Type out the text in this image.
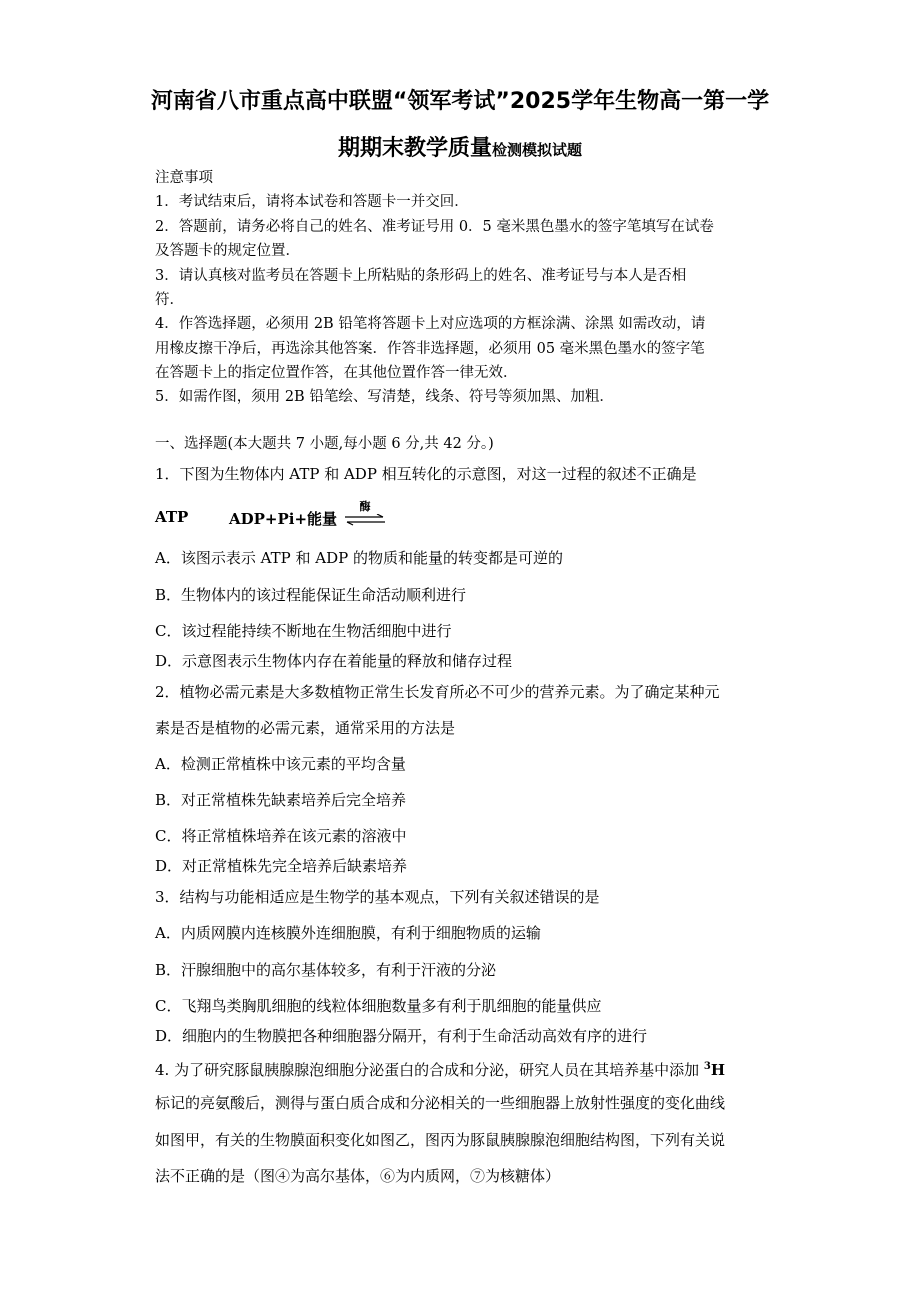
河南省八市重点高中联盟“领军考试”2025学年生物高一第一学
期期末教学质量检测模拟试题
注意事项
1．考试结束后，请将本试卷和答题卡一并交回．
2．答题前，请务必将自己的姓名、准考证号用 0．5 毫米黑色墨水的签字笔填写在试卷
及答题卡的规定位置．
3．请认真核对监考员在答题卡上所粘贴的条形码上的姓名、准考证号与本人是否相
符．
4．作答选择题，必须用 2B 铅笔将答题卡上对应选项的方框涂满、涂黑 如需改动，请
用橡皮擦干净后，再选涂其他答案．作答非选择题，必须用 05 毫米黑色墨水的签字笔
在答题卡上的指定位置作答，在其他位置作答一律无效．
5．如需作图，须用 2B 铅笔绘、写清楚，线条、符号等须加黑、加粗．
一、选择题(本大题共 7 小题,每小题 6 分,共 42 分。)
1．下图为生物体内 ATP 和 ADP 相互转化的示意图，对这一过程的叙述不正确是
ATP
酶
ADP+Pi+能量
A．该图示表示 ATP 和 ADP 的物质和能量的转变都是可逆的
B．生物体内的该过程能保证生命活动顺利进行
C．该过程能持续不断地在生物活细胞中进行
D．示意图表示生物体内存在着能量的释放和储存过程
2．植物必需元素是大多数植物正常生长发育所必不可少的营养元素。为了确定某种元
素是否是植物的必需元素，通常采用的方法是
A．检测正常植株中该元素的平均含量
B．对正常植株先缺素培养后完全培养
C．将正常植株培养在该元素的溶液中
D．对正常植株先完全培养后缺素培养
3．结构与功能相适应是生物学的基本观点，下列有关叙述错误的是
A．内质网膜内连核膜外连细胞膜，有利于细胞物质的运输
B．汗腺细胞中的高尔基体较多，有利于汗液的分泌
C．飞翔鸟类胸肌细胞的线粒体细胞数量多有利于肌细胞的能量供应
D．细胞内的生物膜把各种细胞器分隔开，有利于生命活动高效有序的进行
4. 为了研究豚鼠胰腺腺泡细胞分泌蛋白的合成和分泌，研究人员在其培养基中添加 $^3$H
标记的亮氨酸后，测得与蛋白质合成和分泌相关的一些细胞器上放射性强度的变化曲线
如图甲，有关的生物膜面积变化如图乙，图丙为豚鼠胰腺腺泡细胞结构图，下列有关说
法不正确的是（图④为高尔基体，⑥为内质网，⑦为核糖体）
